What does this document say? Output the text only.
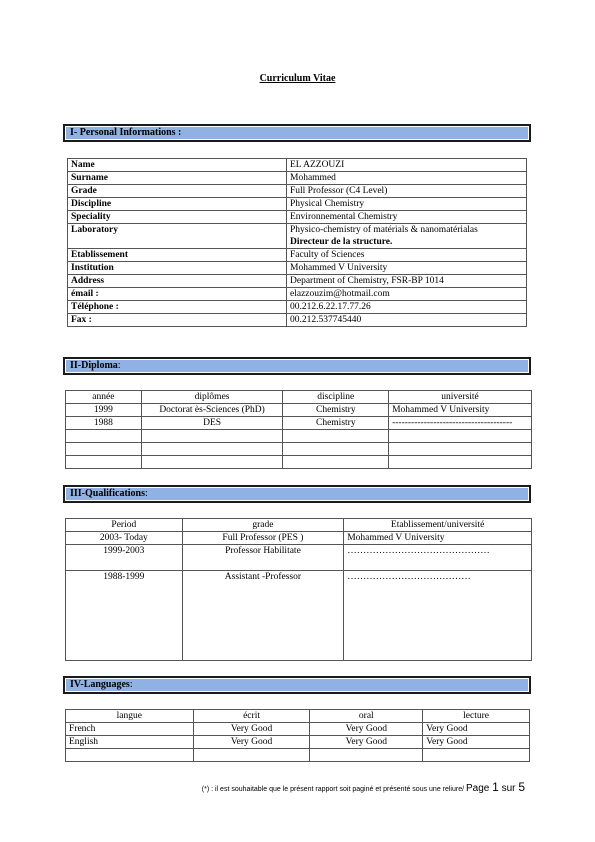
Curriculum Vitae
I- Personal Informations :
Name	EL AZZOUZI

Surname	Mohammed

Grade	Full Professor (C4 Level)

Discipline	Physical Chemistry

Speciality	Environnemental Chemistry

Laboratory	Physico-chemistry of matérials & nanomatérialas
Directeur de la structure.

Etablissement	Faculty of Sciences

Institution	Mohammed V University

Address	Department of Chemistry, FSR-BP 1014

émail :	elazzouzim@hotmail.com

Téléphone :	00.212.6.22.17.77.26

Fax :	00.212.537745440
II-Diploma:
année	diplômes	discipline	université
1999	Doctorat ès-Sciences (PhD)	Chemistry	Mohammed V University
1988	DES	Chemistry	--------------------------------------

III-Qualifications:
Period	grade	Etablissement/université
2003- Today	Full Professor (PES )	Mohammed V University
1999-2003	Professor Habilitate	………………………………………
1988-1999	Assistant -Professor	…………………………………
IV-Languages:
langue	écrit	oral	lecture
French	Very Good	Very Good	Very Good
English	Very Good	Very Good	Very Good

(*) : il est souhaitable que le présent rapport soit paginé et présenté sous une reliure/ Page 1 sur 5
